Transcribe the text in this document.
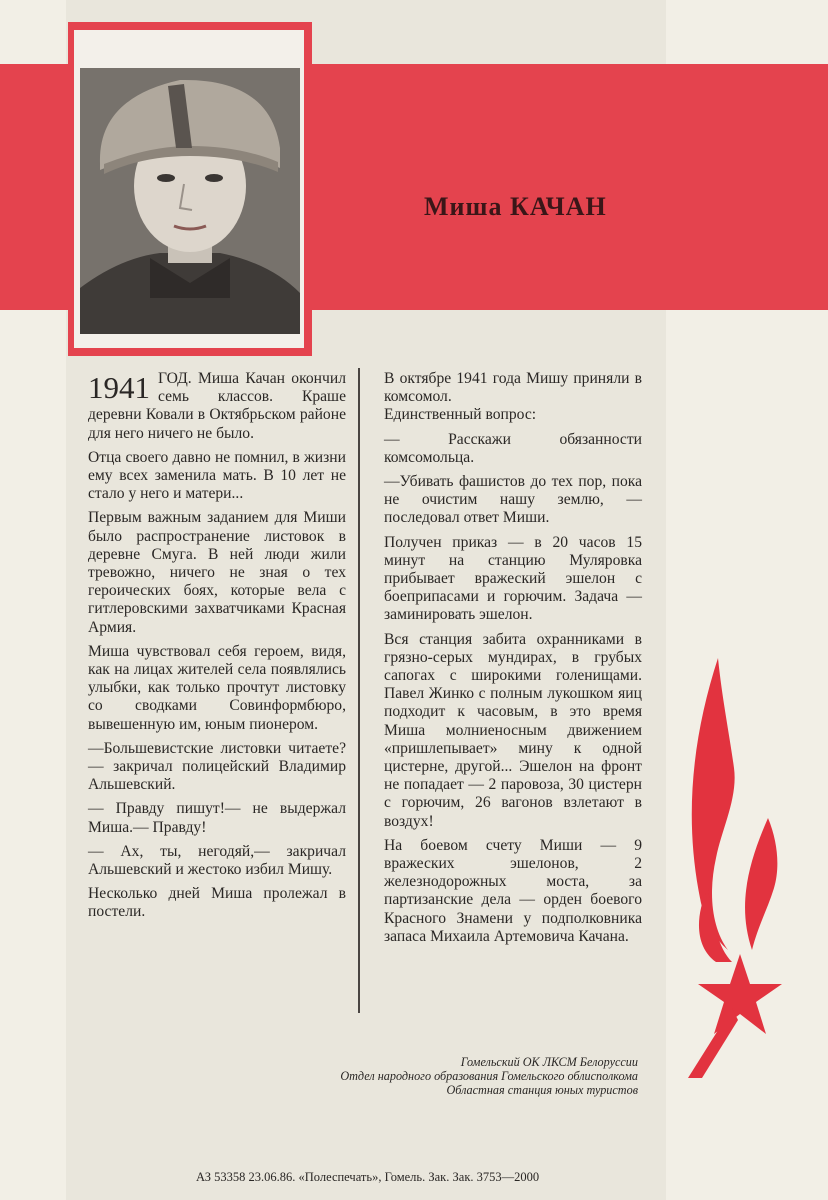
Миша КАЧАН

1941 ГОД. Миша Качан окончил семь классов. Краше деревни Ковали в Октябрьском районе для него ничего не было.

Отца своего давно не помнил, в жизни ему всех заменила мать. В 10 лет не стало у него и матери...

Первым важным заданием для Миши было распространение листовок в деревне Смуга. В ней люди жили тревожно, ничего не зная о тех героических боях, которые вела с гитлеровскими захватчиками Красная Армия.

Миша чувствовал себя героем, видя, как на лицах жителей села появлялись улыбки, как только прочтут листовку со сводками Совинформбюро, вывешенную им, юным пионером.

—Большевистские листовки читаете?— закричал полицейский Владимир Альшевский.

— Правду пишут!— не выдержал Миша.— Правду!

— Ах, ты, негодяй,— закричал Альшевский и жестоко избил Мишу.

Несколько дней Миша пролежал в постели.

В октябре 1941 года Мишу приняли в комсомол.

Единственный вопрос:

— Расскажи обязанности комсомольца.

—Убивать фашистов до тех пор, пока не очистим нашу землю, — последовал ответ Миши.

Получен приказ — в 20 часов 15 минут на станцию Муляровка прибывает вражеский эшелон с боеприпасами и горючим. Задача — заминировать эшелон.

Вся станция забита охранниками в грязно-серых мундирах, в грубых сапогах с широкими голенищами. Павел Жинко с полным лукошком яиц подходит к часовым, в это время Миша молниеносным движением «пришлепывает» мину к одной цистерне, другой... Эшелон на фронт не попадает — 2 паровоза, 30 цистерн с горючим, 26 вагонов взлетают в воздух!

На боевом счету Миши — 9 вражеских эшелонов, 2 железнодорожных моста, за партизанские дела — орден боевого Красного Знамени у подполковника запаса Михаила Артемовича Качана.

Гомельский ОК ЛКСМ Белоруссии
Отдел народного образования Гомельского облисполкома
Областная станция юных туристов
АЗ 53358 23.06.86. «Полеспечать», Гомель. Зак. Зак. 3753—2000
